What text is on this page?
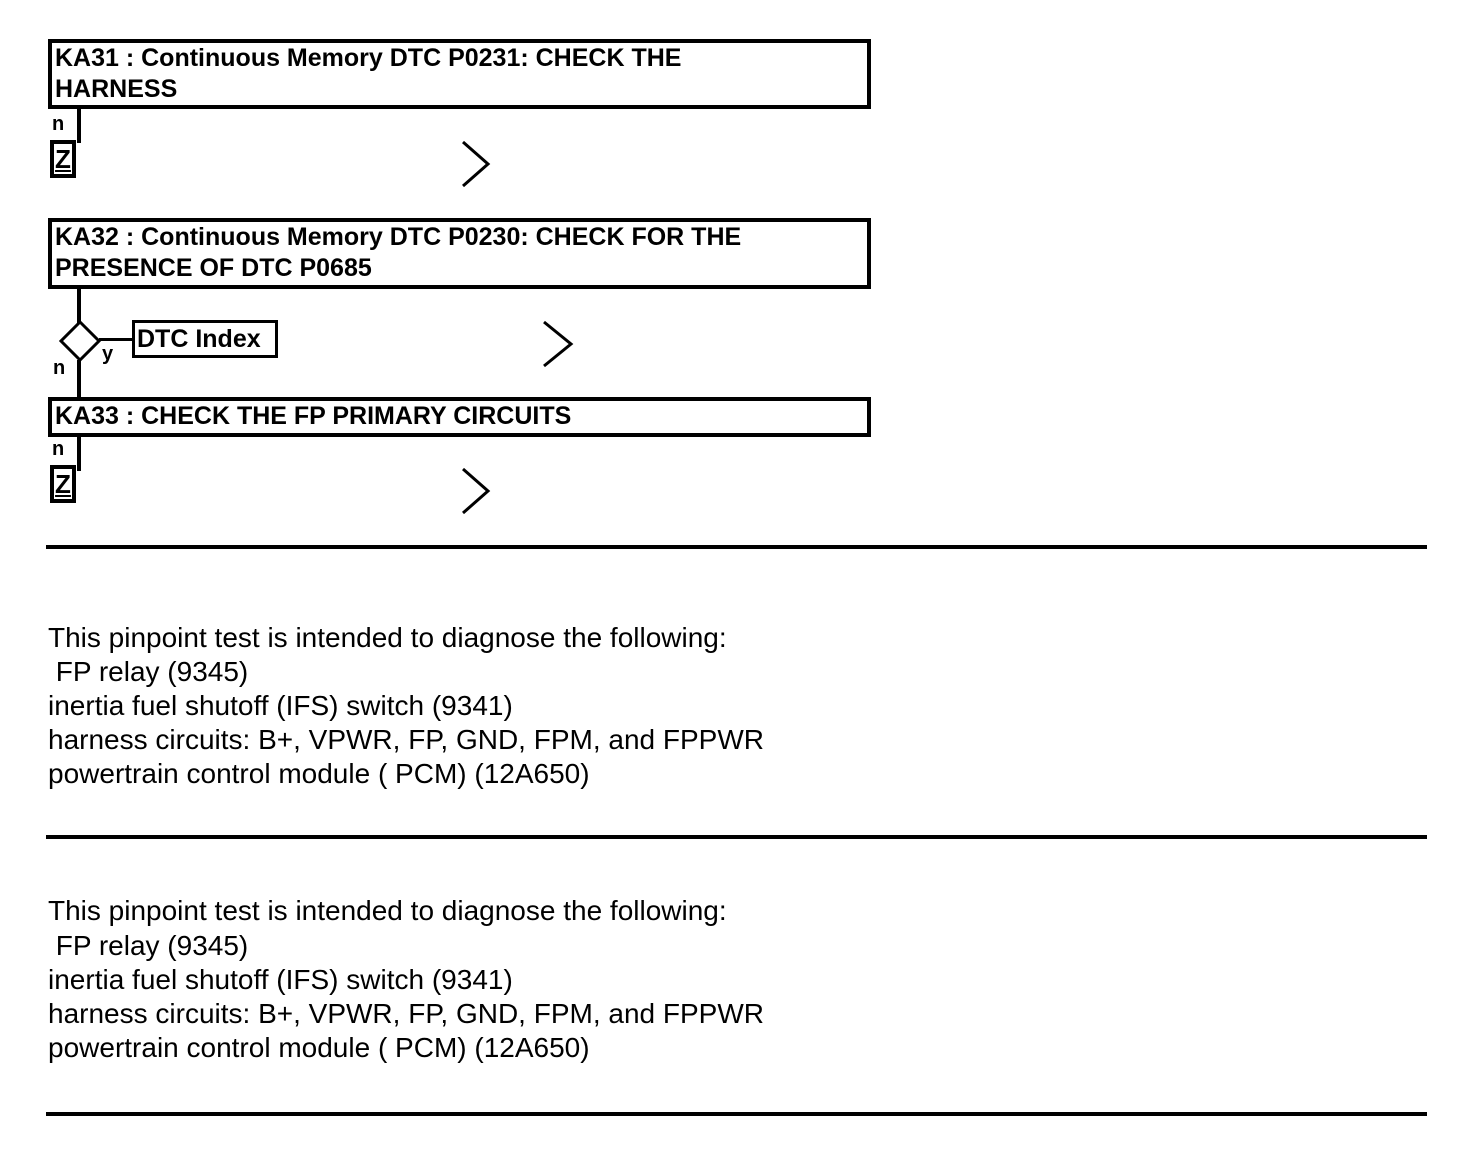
KA31 : Continuous Memory DTC P0231: CHECK THE
HARNESS
n
Z
KA32 : Continuous Memory DTC P0230: CHECK FOR THE
PRESENCE OF DTC P0685
y
n
DTC Index
KA33 : CHECK THE FP PRIMARY CIRCUITS
n
Z
This pinpoint test is intended to diagnose the following:
FP relay (9345)
inertia fuel shutoff (IFS) switch (9341)
harness circuits: B+, VPWR, FP, GND, FPM, and FPPWR
powertrain control module ( PCM) (12A650)
This pinpoint test is intended to diagnose the following:
FP relay (9345)
inertia fuel shutoff (IFS) switch (9341)
harness circuits: B+, VPWR, FP, GND, FPM, and FPPWR
powertrain control module ( PCM) (12A650)
